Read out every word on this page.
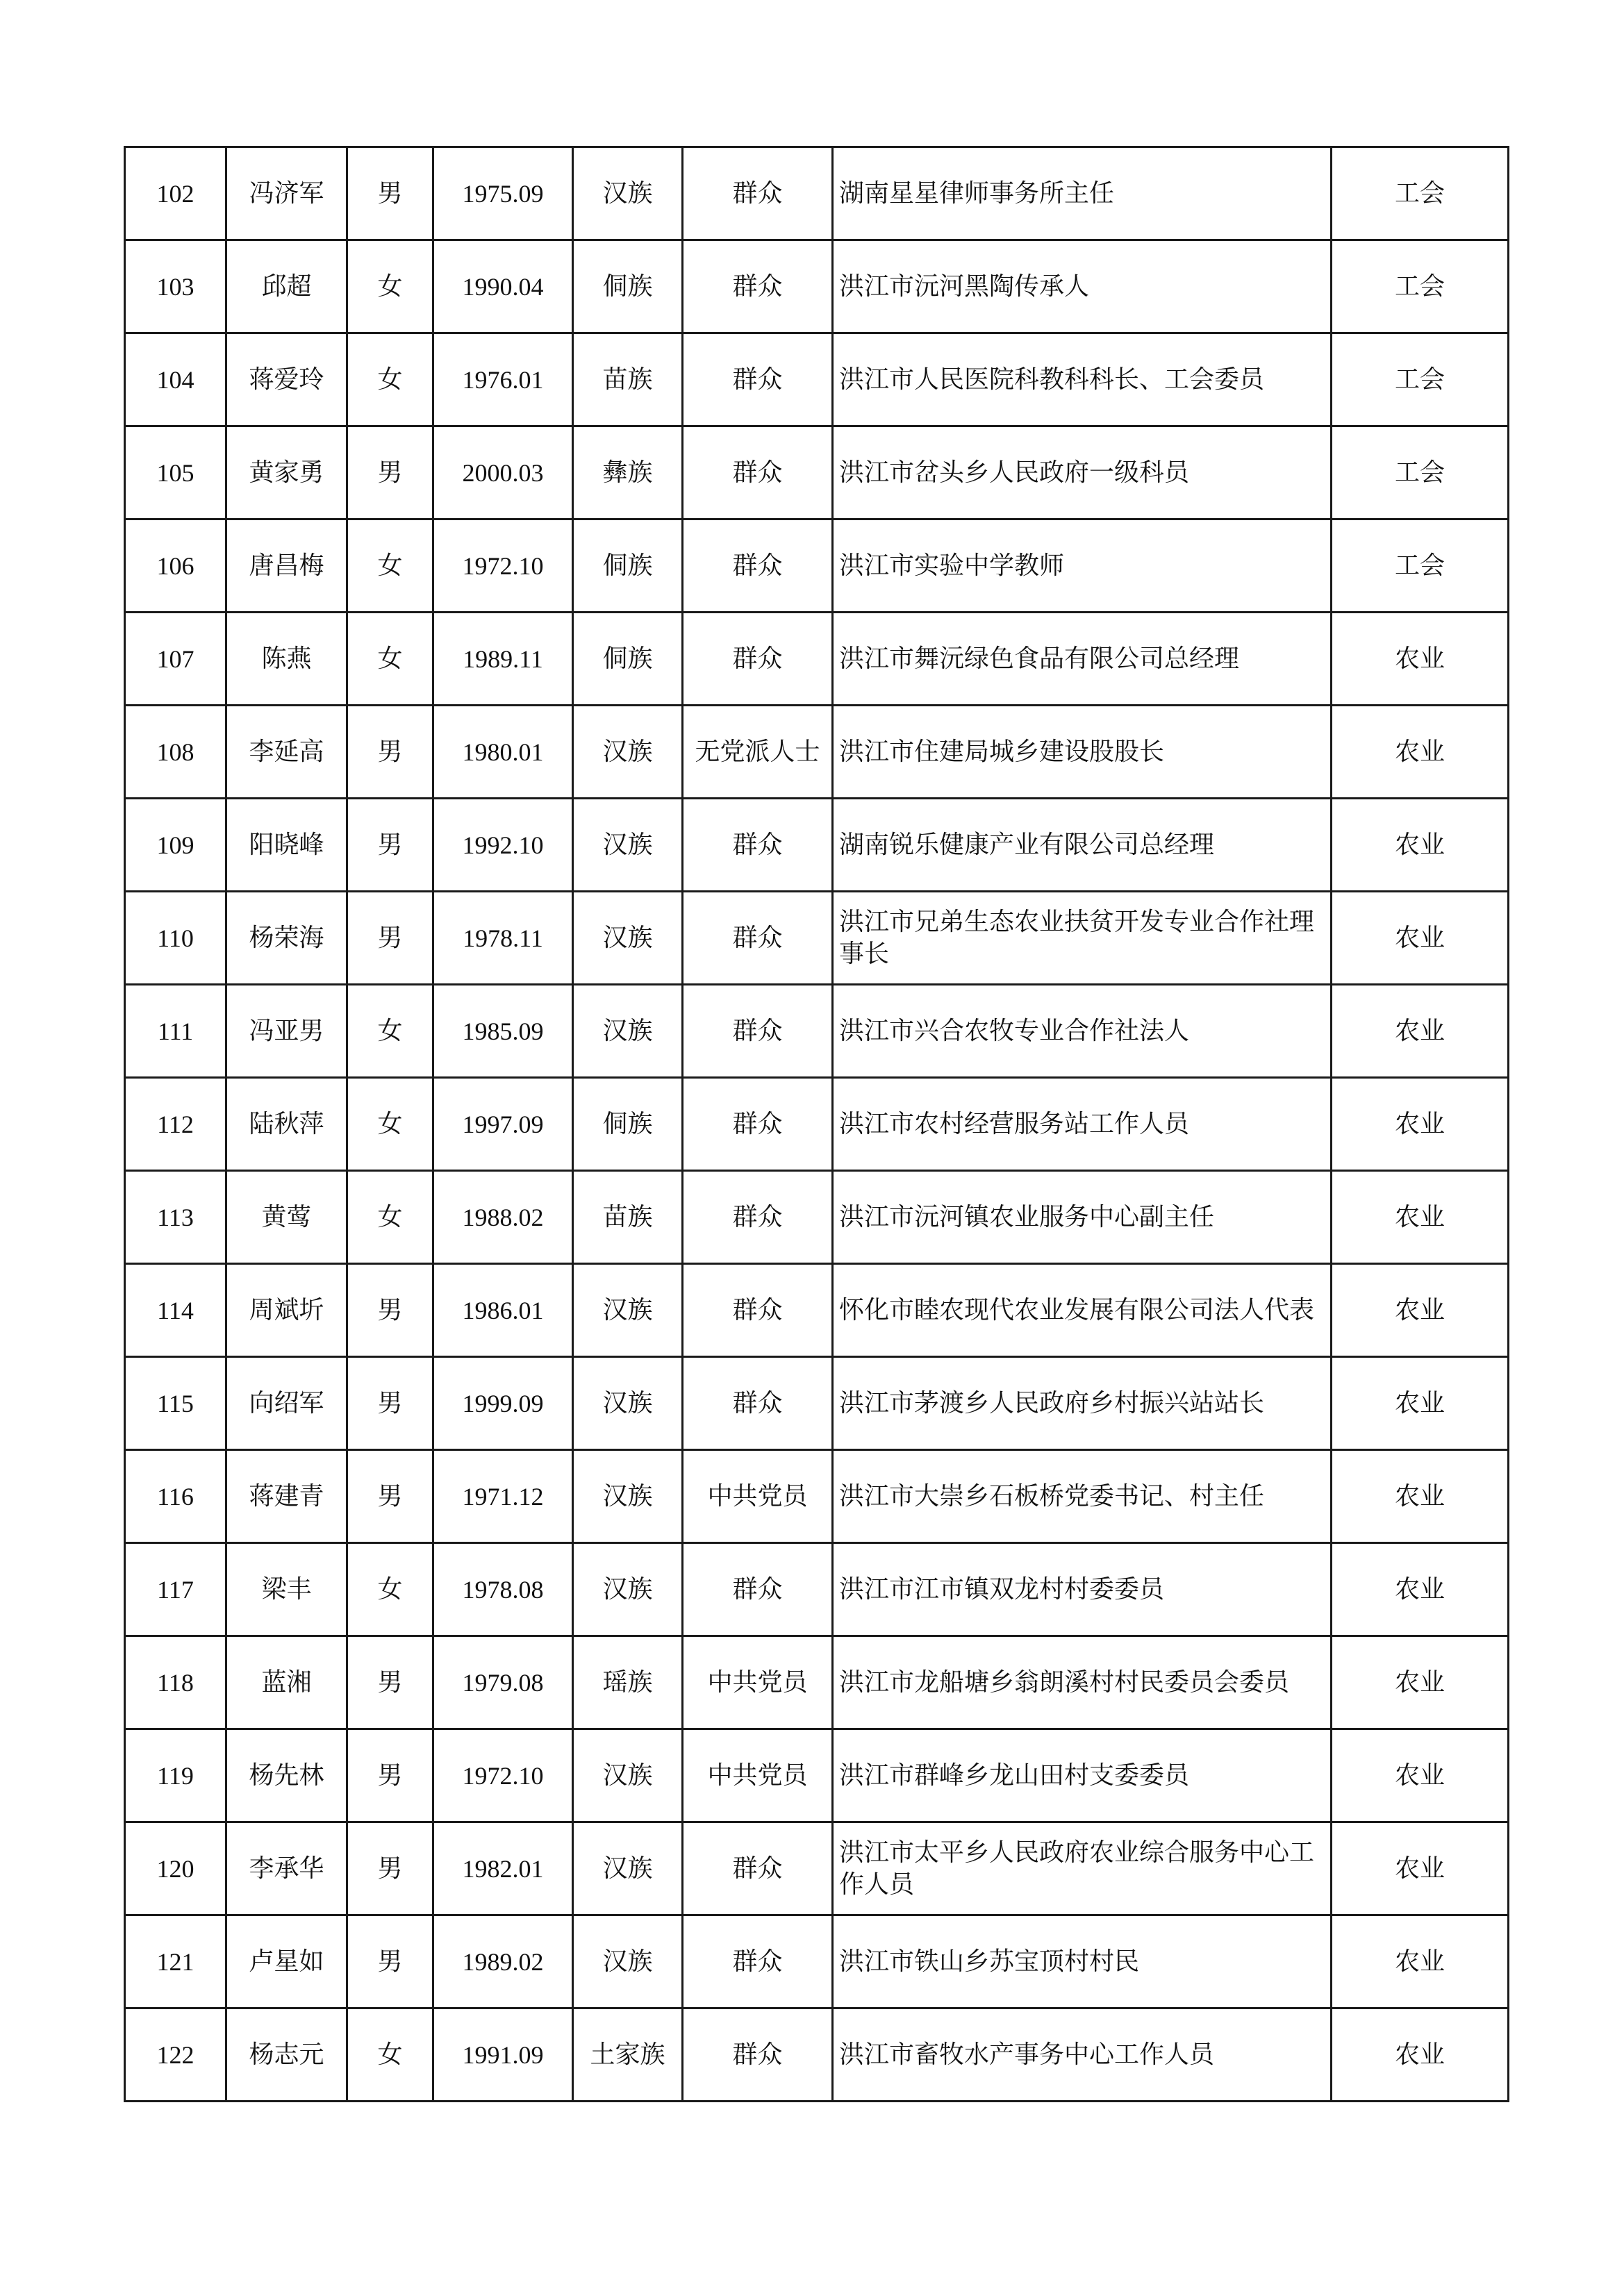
102	冯济军	男	1975.09	汉族	群众	湖南星星律师事务所主任	工会
103	邱超	女	1990.04	侗族	群众	洪江市沅河黑陶传承人	工会
104	蒋爱玲	女	1976.01	苗族	群众	洪江市人民医院科教科科长、工会委员	工会
105	黄家勇	男	2000.03	彝族	群众	洪江市岔头乡人民政府一级科员	工会
106	唐昌梅	女	1972.10	侗族	群众	洪江市实验中学教师	工会
107	陈燕	女	1989.11	侗族	群众	洪江市舞沅绿色食品有限公司总经理	农业
108	李延高	男	1980.01	汉族	无党派人士	洪江市住建局城乡建设股股长	农业
109	阳晓峰	男	1992.10	汉族	群众	湖南锐乐健康产业有限公司总经理	农业
110	杨荣海	男	1978.11	汉族	群众	洪江市兄弟生态农业扶贫开发专业合作社理事长	农业
111	冯亚男	女	1985.09	汉族	群众	洪江市兴合农牧专业合作社法人	农业
112	陆秋萍	女	1997.09	侗族	群众	洪江市农村经营服务站工作人员	农业
113	黄莺	女	1988.02	苗族	群众	洪江市沅河镇农业服务中心副主任	农业
114	周斌圻	男	1986.01	汉族	群众	怀化市睦农现代农业发展有限公司法人代表	农业
115	向绍军	男	1999.09	汉族	群众	洪江市茅渡乡人民政府乡村振兴站站长	农业
116	蒋建青	男	1971.12	汉族	中共党员	洪江市大崇乡石板桥党委书记、村主任	农业
117	梁丰	女	1978.08	汉族	群众	洪江市江市镇双龙村村委委员	农业
118	蓝湘	男	1979.08	瑶族	中共党员	洪江市龙船塘乡翁朗溪村村民委员会委员	农业
119	杨先林	男	1972.10	汉族	中共党员	洪江市群峰乡龙山田村支委委员	农业
120	李承华	男	1982.01	汉族	群众	洪江市太平乡人民政府农业综合服务中心工作人员	农业
121	卢星如	男	1989.02	汉族	群众	洪江市铁山乡苏宝顶村村民	农业
122	杨志元	女	1991.09	土家族	群众	洪江市畜牧水产事务中心工作人员	农业
